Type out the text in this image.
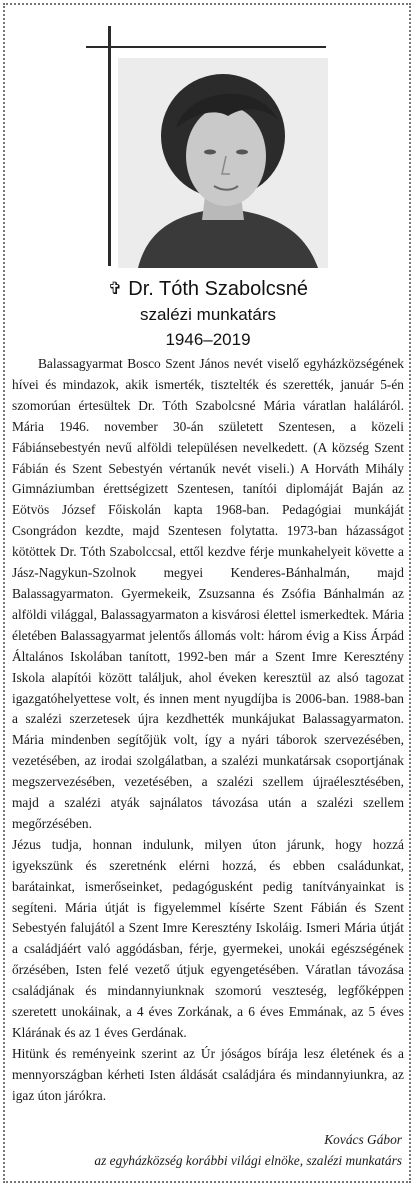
✞ Dr. Tóth Szabolcsné
szalézi munkatárs
1946–2019

Balassagyarmat Bosco Szent János nevét viselő egyházközségének hívei és mindazok, akik ismerték, tisztelték és szerették, január 5-én szomorúan értesültek Dr. Tóth Szabolcsné Mária váratlan haláláról. Mária 1946. november 30-án született Szentesen, a közeli Fábiánsebestyén nevű alföldi településen nevelkedett. (A község Szent Fábián és Szent Sebestyén vértanúk nevét viseli.) A Horváth Mihály Gimnáziumban érettségizett Szentesen, tanítói diplomáját Baján az Eötvös József Főiskolán kapta 1968-ban. Pedagógiai munkáját Csongrádon kezdte, majd Szentesen folytatta. 1973-ban házasságot kötöttek Dr. Tóth Szabolccsal, ettől kezdve férje munkahelyeit követte a Jász-Nagykun-Szolnok megyei Kenderes-Bánhalmán, majd Balassagyarmaton. Gyermekeik, Zsuzsanna és Zsófia Bánhalmán az alföldi világgal, Balassagyarmaton a kisvárosi élettel ismerkedtek. Mária életében Balassagyarmat jelentős állomás volt: három évig a Kiss Árpád Általános Iskolában tanított, 1992-ben már a Szent Imre Keresztény Iskola alapítói között találjuk, ahol éveken keresztül az alsó tagozat igazgatóhelyettese volt, és innen ment nyugdíjba is 2006-ban. 1988-ban a szalézi szerzetesek újra kezdhették munkájukat Balassagyarmaton. Mária mindenben segítőjük volt, így a nyári táborok szervezésében, vezetésében, az irodai szolgálatban, a szalézi munkatársak csoportjának megszervezésében, vezetésében, a szalézi szellem újraélesztésében, majd a szalézi atyák sajnálatos távozása után a szalézi szellem megőrzésében.

Jézus tudja, honnan indulunk, milyen úton járunk, hogy hozzá igyekszünk és szeretnénk elérni hozzá, és ebben családunkat, barátainkat, ismerőseinket, pedagógusként pedig tanítványainkat is segíteni. Mária útját is figyelemmel kísérte Szent Fábián és Szent Sebestyén falujától a Szent Imre Keresztény Iskoláig. Ismeri Mária útját a családjáért való aggódásban, férje, gyermekei, unokái egészségének őrzésében, Isten felé vezető útjuk egyengetésében. Váratlan távozása családjának és mindannyiunknak szomorú veszteség, legfőképpen szeretett unokáinak, a 4 éves Zorkának, a 6 éves Emmának, az 5 éves Klárának és az 1 éves Gerdának.

Hitünk és reményeink szerint az Úr jóságos bírája lesz életének és a mennyországban kérheti Isten áldását családjára és mindannyiunkra, az igaz úton járókra.

Kovács Gábor
az egyházközség korábbi világi elnöke, szalézi munkatárs
